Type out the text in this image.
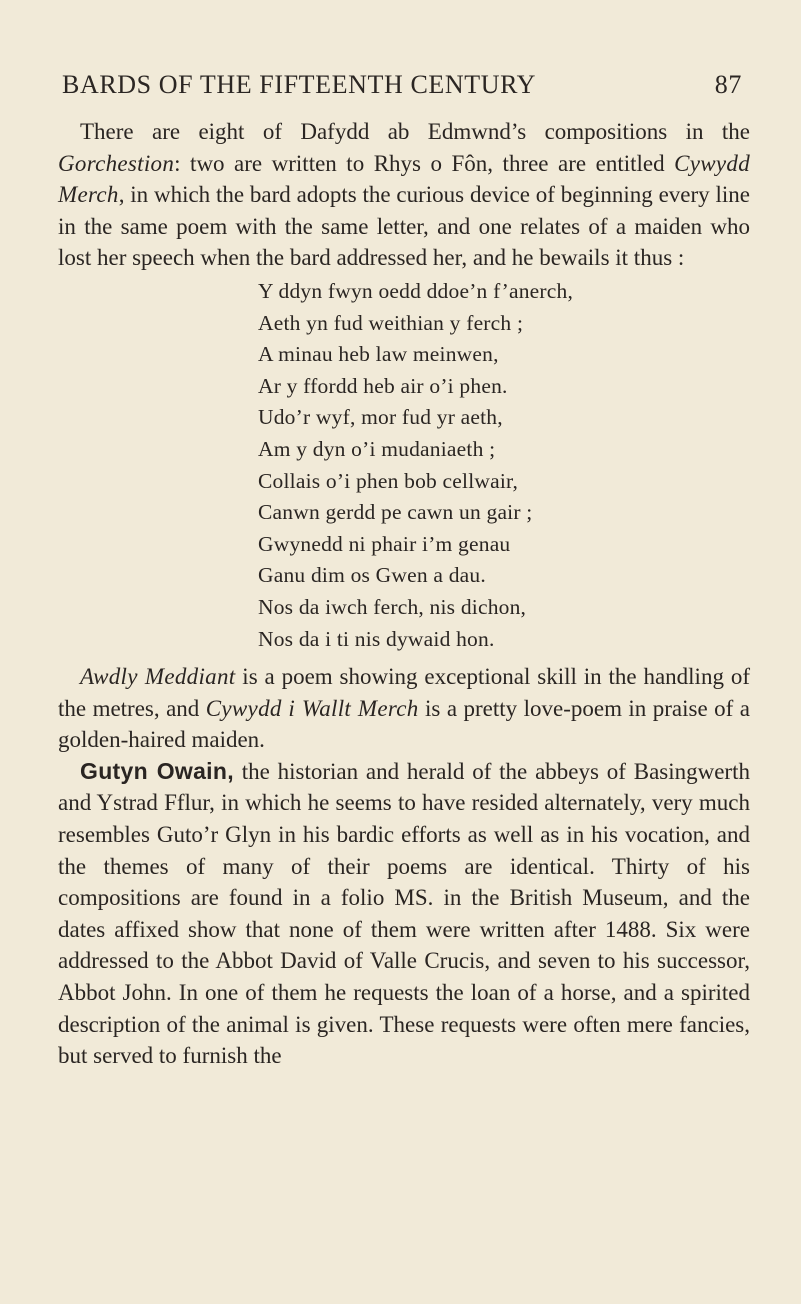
BARDS OF THE FIFTEENTH CENTURY	87

There are eight of Dafydd ab Edmwnd’s compositions in the Gorchestion: two are written to Rhys o Fôn, three are entitled Cywydd Merch, in which the bard adopts the curious device of beginning every line in the same poem with the same letter, and one relates of a maiden who lost her speech when the bard addressed her, and he bewails it thus :

Y ddyn fwyn oedd ddoe’n f’anerch,
Aeth yn fud weithian y ferch ;
A minau heb law meinwen,
Ar y ffordd heb air o’i phen.
Udo’r wyf, mor fud yr aeth,
Am y dyn o’i mudaniaeth ;
Collais o’i phen bob cellwair,
Canwn gerdd pe cawn un gair ;
Gwynedd ni phair i’m genau
Ganu dim os Gwen a dau.
Nos da iwch ferch, nis dichon,
Nos da i ti nis dywaid hon.

Awdly Meddiant is a poem showing exceptional skill in the handling of the metres, and Cywydd i Wallt Merch is a pretty love-poem in praise of a golden-haired maiden.

Gutyn Owain, the historian and herald of the abbeys of Basingwerth and Ystrad Fflur, in which he seems to have resided alternately, very much resembles Guto’r Glyn in his bardic efforts as well as in his vocation, and the themes of many of their poems are identical. Thirty of his compositions are found in a folio MS. in the British Museum, and the dates affixed show that none of them were written after 1488. Six were addressed to the Abbot David of Valle Crucis, and seven to his successor, Abbot John. In one of them he requests the loan of a horse, and a spirited description of the animal is given. These requests were often mere fancies, but served to furnish the
